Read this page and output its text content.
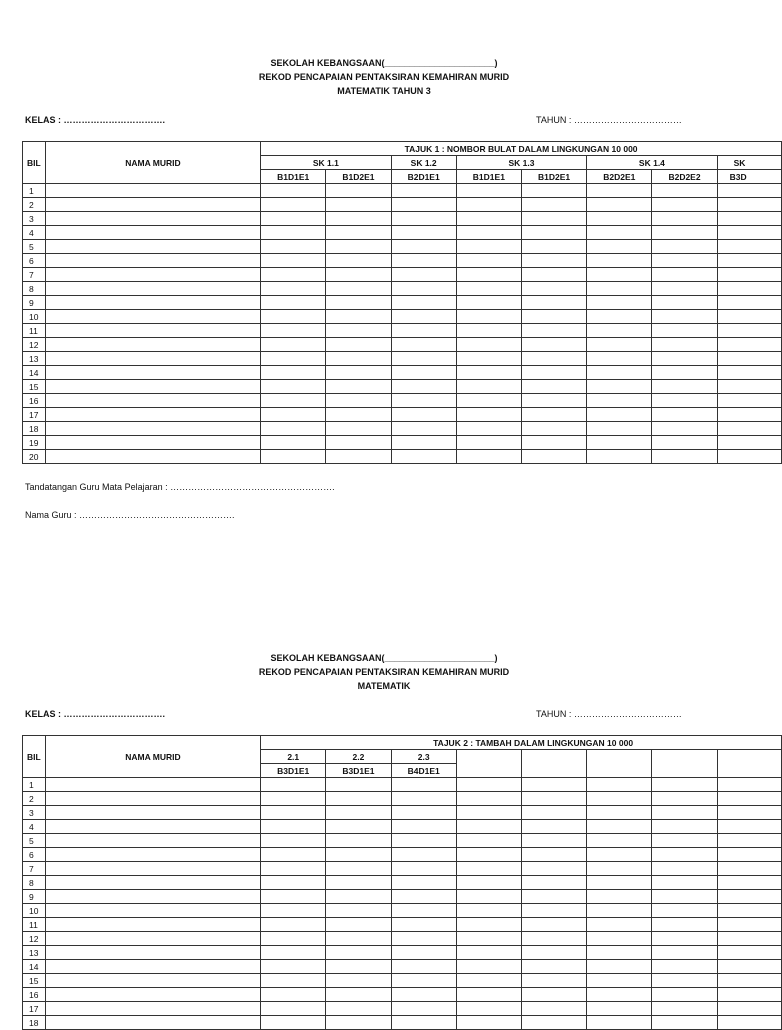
SEKOLAH KEBANGSAAN(______________________)
REKOD PENCAPAIAN PENTAKSIRAN KEMAHIRAN MURID
MATEMATIK TAHUN 3
KELAS : …………………………….	TAHUN : ………………………………
BIL	NAMA MURID	TAJUK 1 : NOMBOR BULAT DALAM LINGKUNGAN 10 000							
		SK 1.1		SK 1.2	SK 1.3		SK 1.4		SK
		B1D1E1	B1D2E1	B2D1E1	B1D1E1	B1D2E1	B2D2E1	B2D2E2	B3D
1									
2									
3									
4									
5									
6									
7									
8									
9									
10									
11									
12									
13									
14									
15									
16									
17									
18									
19									
20									
Tandatangan Guru Mata Pelajaran : ……………………………………………….
Nama Guru : …………………………………………….
SEKOLAH KEBANGSAAN(______________________)
REKOD PENCAPAIAN PENTAKSIRAN KEMAHIRAN MURID
MATEMATIK
KELAS : …………………………….	TAHUN : ………………………………
BIL	NAMA MURID	TAJUK 2 : TAMBAH DALAM LINGKUNGAN 10 000							
		2.1	2.2	2.3					
		B3D1E1	B3D1E1	B4D1E1					
1									
2									
3									
4									
5									
6									
7									
8									
9									
10									
11									
12									
13									
14									
15									
16									
17									
18									
